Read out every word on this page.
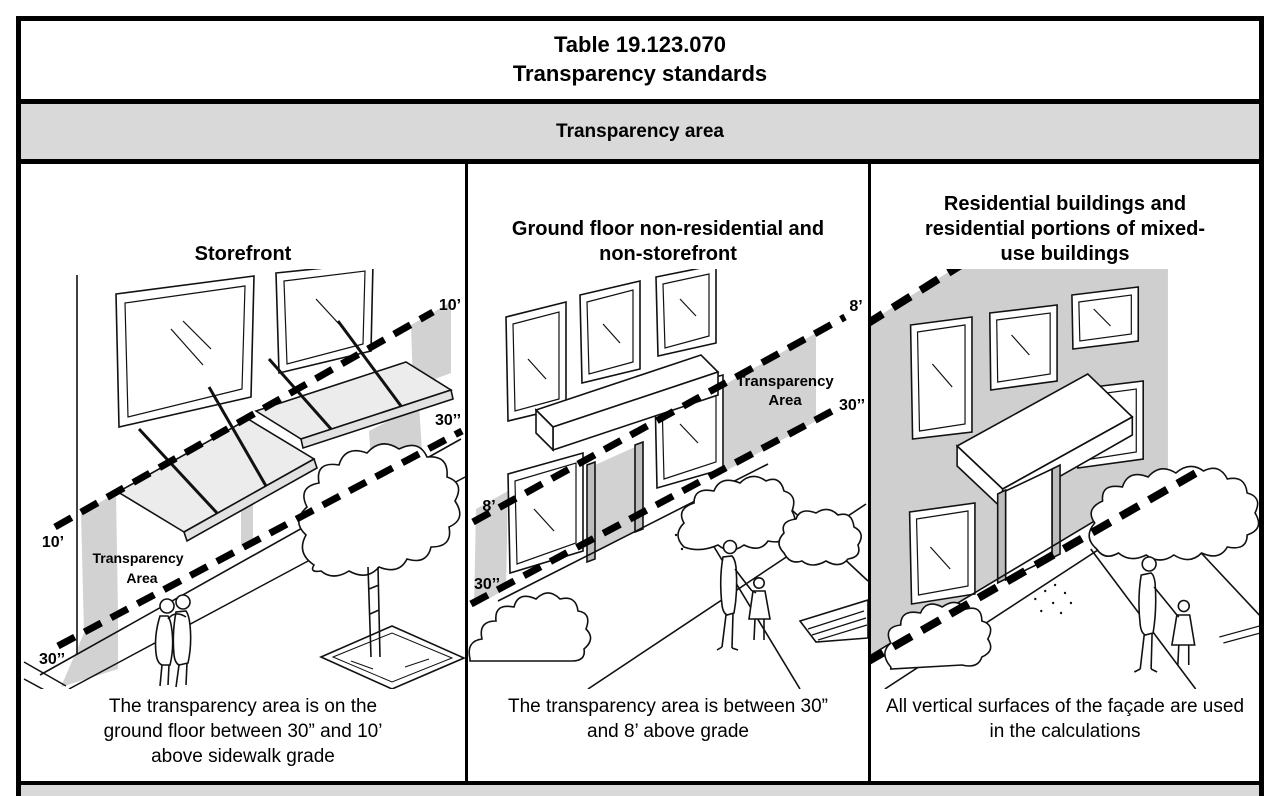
Table 19.123.070
Transparency standards
Transparency area
Storefront
10’
10’
30’’
30’’
Transparency
Area
The transparency area is on the ground floor between 30” and 10’ above sidewalk grade
Ground floor non-residential and non-storefront
8’
8’
30’’
30’’
Transparency
Area
The transparency area is between 30” and 8’ above grade
Residential buildings and residential portions of mixed-use buildings
All vertical surfaces of the façade are used in the calculations
